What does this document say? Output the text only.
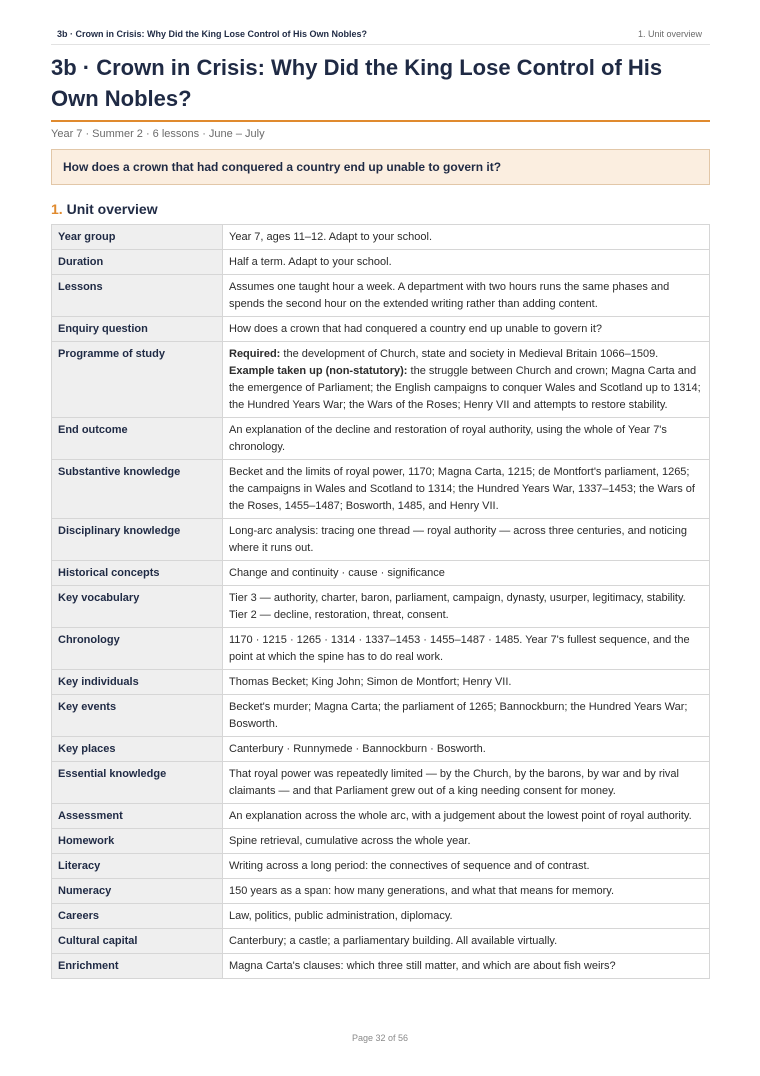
3b · Crown in Crisis: Why Did the King Lose Control of His Own Nobles?	1. Unit overview
3b · Crown in Crisis: Why Did the King Lose Control of His Own Nobles?
Year 7 · Summer 2 · 6 lessons · June – July
How does a crown that had conquered a country end up unable to govern it?
1. Unit overview
Year group	Year 7, ages 11–12. Adapt to your school.
Duration	Half a term. Adapt to your school.
Lessons	Assumes one taught hour a week. A department with two hours runs the same phases and spends the second hour on the extended writing rather than adding content.
Enquiry question	How does a crown that had conquered a country end up unable to govern it?
Programme of study	Required: the development of Church, state and society in Medieval Britain 1066–1509.
Example taken up (non-statutory): the struggle between Church and crown; Magna Carta and the emergence of Parliament; the English campaigns to conquer Wales and Scotland up to 1314; the Hundred Years War; the Wars of the Roses; Henry VII and attempts to restore stability.

End outcome	An explanation of the decline and restoration of royal authority, using the whole of Year 7's chronology.
Substantive knowledge	Becket and the limits of royal power, 1170; Magna Carta, 1215; de Montfort's parliament, 1265; the campaigns in Wales and Scotland to 1314; the Hundred Years War, 1337–1453; the Wars of the Roses, 1455–1487; Bosworth, 1485, and Henry VII.
Disciplinary knowledge	Long-arc analysis: tracing one thread — royal authority — across three centuries, and noticing where it runs out.
Historical concepts	Change and continuity · cause · significance
Key vocabulary	Tier 3 — authority, charter, baron, parliament, campaign, dynasty, usurper, legitimacy, stability. Tier 2 — decline, restoration, threat, consent.
Chronology	1170 · 1215 · 1265 · 1314 · 1337–1453 · 1455–1487 · 1485. Year 7's fullest sequence, and the point at which the spine has to do real work.
Key individuals	Thomas Becket; King John; Simon de Montfort; Henry VII.
Key events	Becket's murder; Magna Carta; the parliament of 1265; Bannockburn; the Hundred Years War; Bosworth.
Key places	Canterbury · Runnymede · Bannockburn · Bosworth.
Essential knowledge	That royal power was repeatedly limited — by the Church, by the barons, by war and by rival claimants — and that Parliament grew out of a king needing consent for money.
Assessment	An explanation across the whole arc, with a judgement about the lowest point of royal authority.
Homework	Spine retrieval, cumulative across the whole year.
Literacy	Writing across a long period: the connectives of sequence and of contrast.
Numeracy	150 years as a span: how many generations, and what that means for memory.
Careers	Law, politics, public administration, diplomacy.
Cultural capital	Canterbury; a castle; a parliamentary building. All available virtually.
Enrichment	Magna Carta's clauses: which three still matter, and which are about fish weirs?
Page 32 of 56
